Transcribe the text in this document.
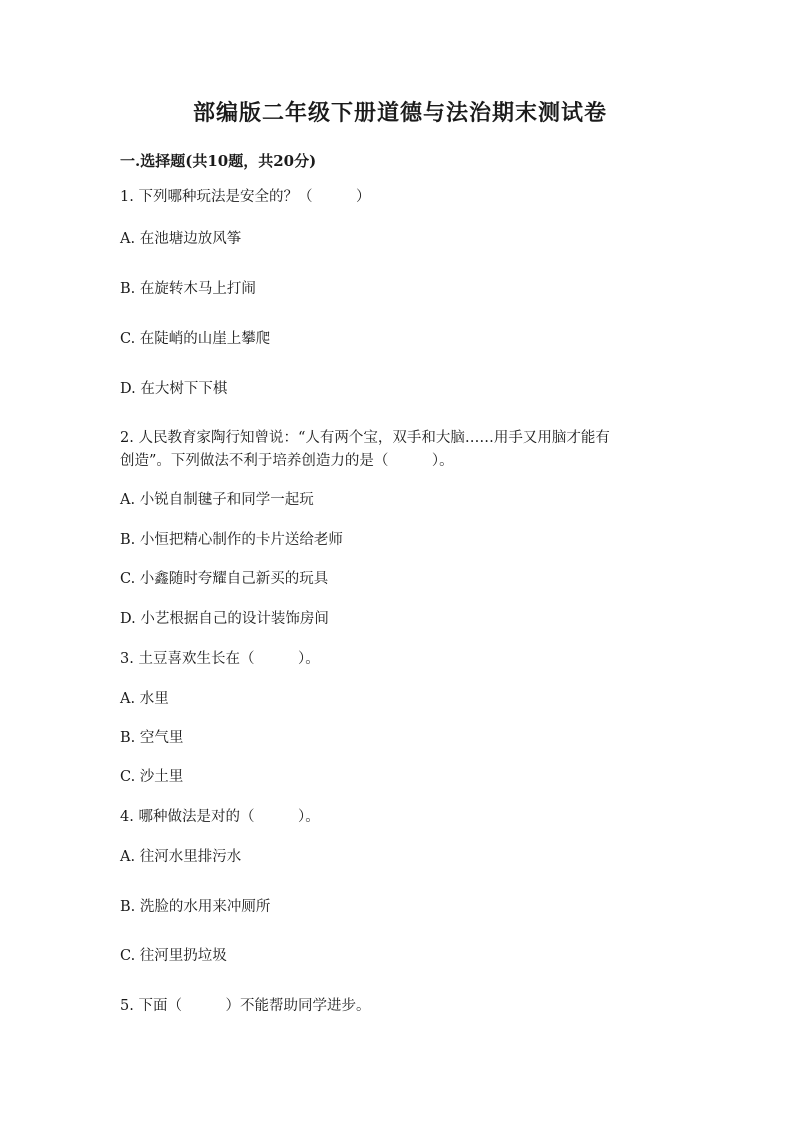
部编版二年级下册道德与法治期末测试卷

一.选择题(共10题，共20分)

1. 下列哪种玩法是安全的？（　　　）

A. 在池塘边放风筝

B. 在旋转木马上打闹

C. 在陡峭的山崖上攀爬

D. 在大树下下棋

2. 人民教育家陶行知曾说：“人有两个宝，双手和大脑……用手又用脑才能有

创造”。下列做法不利于培养创造力的是（　　　）。

A. 小锐自制毽子和同学一起玩

B. 小恒把精心制作的卡片送给老师

C. 小鑫随时夸耀自己新买的玩具

D. 小艺根据自己的设计装饰房间

3. 土豆喜欢生长在（　　　）。

A. 水里

B. 空气里

C. 沙土里

4. 哪种做法是对的（　　　）。

A. 往河水里排污水

B. 洗脸的水用来冲厕所

C. 往河里扔垃圾

5. 下面（　　　）不能帮助同学进步。
